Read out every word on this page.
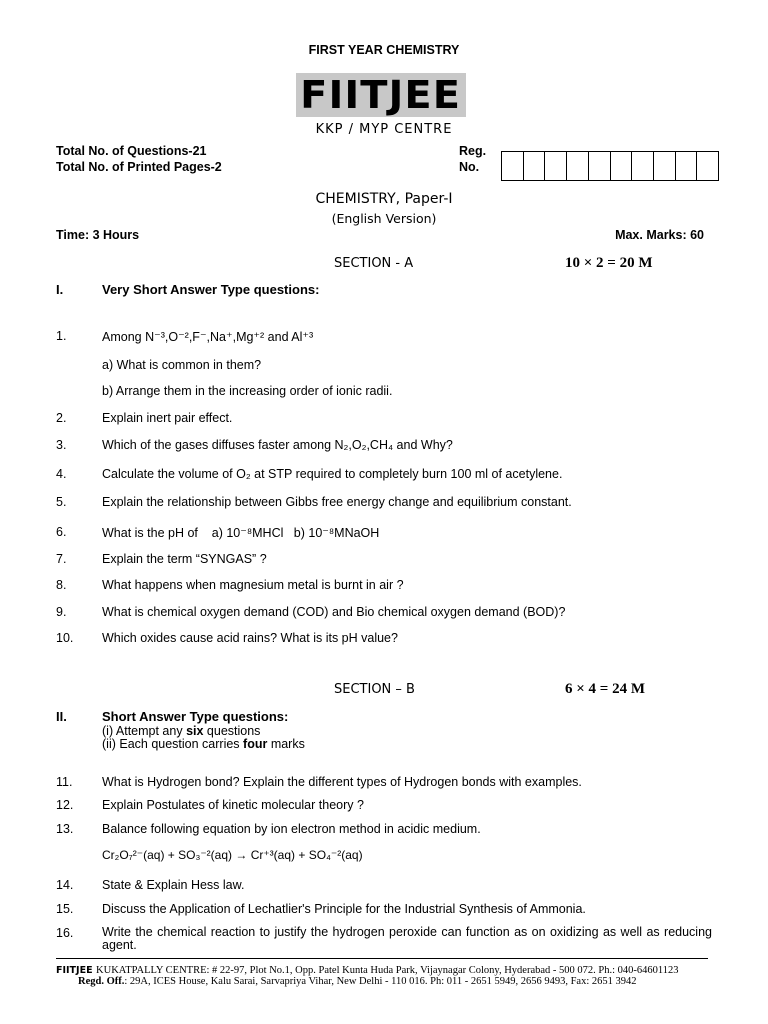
FIRST YEAR CHEMISTRY
FIITJEE
KKP / MYP CENTRE
Total No. of Questions-21
Total No. of Printed Pages-2
Reg.
No.
CHEMISTRY, Paper-I
(English Version)
Time: 3 Hours	Max. Marks: 60
SECTION - A	10 × 2 = 20 M
I.	Very Short Answer Type questions:
1.	Among N⁻³,O⁻²,F⁻,Na⁺,Mg⁺² and Al⁺³
a) What is common in them?
b) Arrange them in the increasing order of ionic radii.
2.	Explain inert pair effect.
3.	Which of the gases diffuses faster among N₂,O₂,CH₄ and Why?
4.	Calculate the volume of O₂ at STP required to completely burn 100 ml of acetylene.
5.	Explain the relationship between Gibbs free energy change and equilibrium constant.
6.	What is the pH of    a) 10⁻⁸MHCl   b) 10⁻⁸MNaOH
7.	Explain the term “SYNGAS” ?
8.	What happens when magnesium metal is burnt in air ?
9.	What is chemical oxygen demand (COD) and Bio chemical oxygen demand (BOD)?
10. Which oxides cause acid rains? What is its pH value?
SECTION – B	6 × 4 = 24 M
II.	Short Answer Type questions:
(i) Attempt any six questions
(ii) Each question carries four marks
11. What is Hydrogen bond? Explain the different types of Hydrogen bonds with examples.
12. Explain Postulates of kinetic molecular theory ?
13. Balance following equation by ion electron method in acidic medium.
Cr₂O₇²⁻(aq) + SO₃⁻²(aq) → Cr⁺³(aq) + SO₄⁻²(aq)
14. State & Explain Hess law.
15. Discuss the Application of Lechatlier's Principle for the Industrial Synthesis of Ammonia.
16. Write the chemical reaction to justify the hydrogen peroxide can function as on oxidizing as well as reducing agent.
FIITJEE KUKATPALLY CENTRE: # 22-97, Plot No.1, Opp. Patel Kunta Huda Park, Vijaynagar Colony, Hyderabad - 500 072. Ph.: 040-64601123
Regd. Off.: 29A, ICES House, Kalu Sarai, Sarvapriya Vihar, New Delhi - 110 016. Ph: 011 - 2651 5949, 2656 9493, Fax: 2651 3942
